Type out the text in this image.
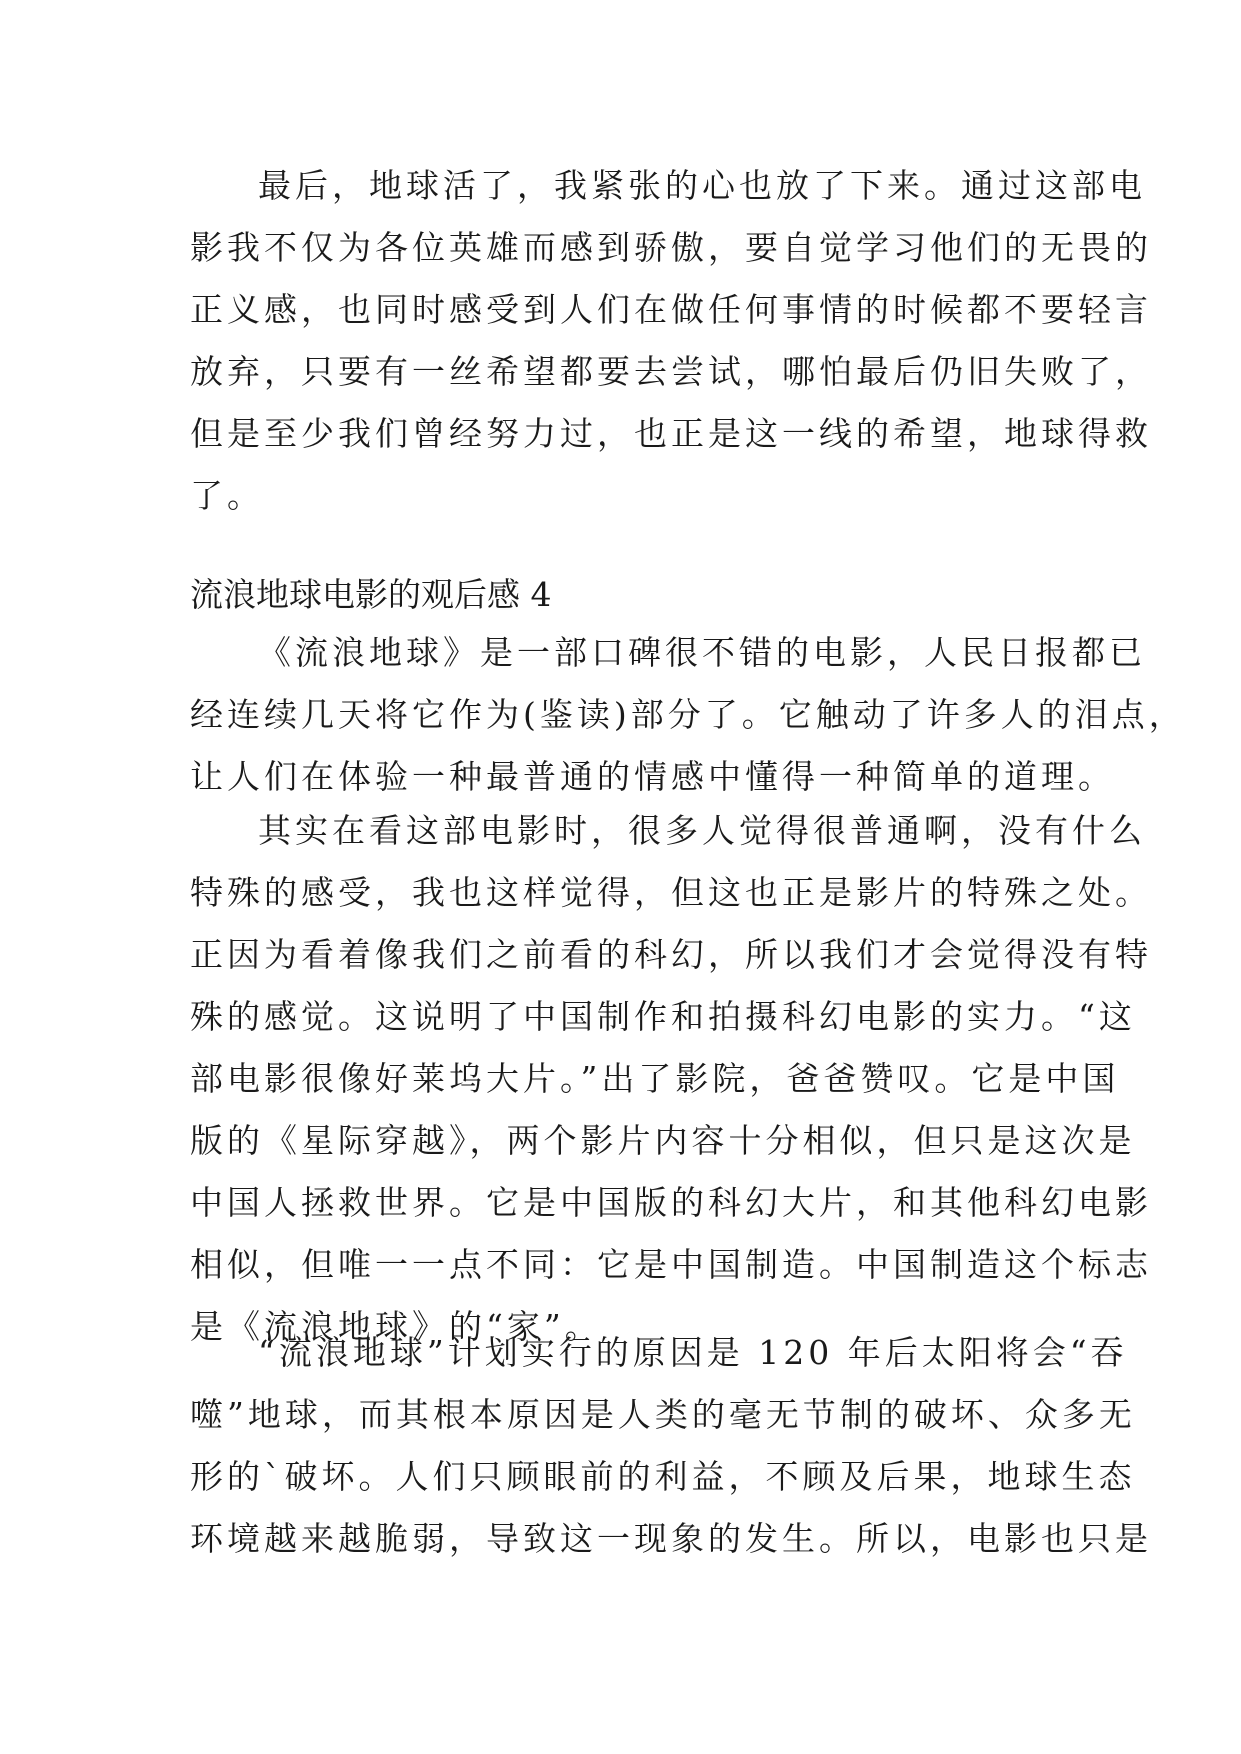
最后，地球活了，我紧张的心也放了下来。通过这部电
影我不仅为各位英雄而感到骄傲，要自觉学习他们的无畏的
正义感，也同时感受到人们在做任何事情的时候都不要轻言
放弃，只要有一丝希望都要去尝试，哪怕最后仍旧失败了，
但是至少我们曾经努力过，也正是这一线的希望，地球得救
了。
流浪地球电影的观后感 4
《流浪地球》是一部口碑很不错的电影，人民日报都已
经连续几天将它作为(鉴读)部分了。它触动了许多人的泪点，
让人们在体验一种最普通的情感中懂得一种简单的道理。
其实在看这部电影时，很多人觉得很普通啊，没有什么
特殊的感受，我也这样觉得，但这也正是影片的特殊之处。
正因为看着像我们之前看的科幻，所以我们才会觉得没有特
殊的感觉。这说明了中国制作和拍摄科幻电影的实力。“这
部电影很像好莱坞大片。”出了影院，爸爸赞叹。它是中国
版的《星际穿越》，两个影片内容十分相似，但只是这次是
中国人拯救世界。它是中国版的科幻大片，和其他科幻电影
相似，但唯一一点不同：它是中国制造。中国制造这个标志
是《流浪地球》的“家”。
“流浪地球”计划实行的原因是 120 年后太阳将会“吞
噬”地球，而其根本原因是人类的毫无节制的破坏、众多无
形的`破坏。人们只顾眼前的利益，不顾及后果，地球生态
环境越来越脆弱，导致这一现象的发生。所以，电影也只是
